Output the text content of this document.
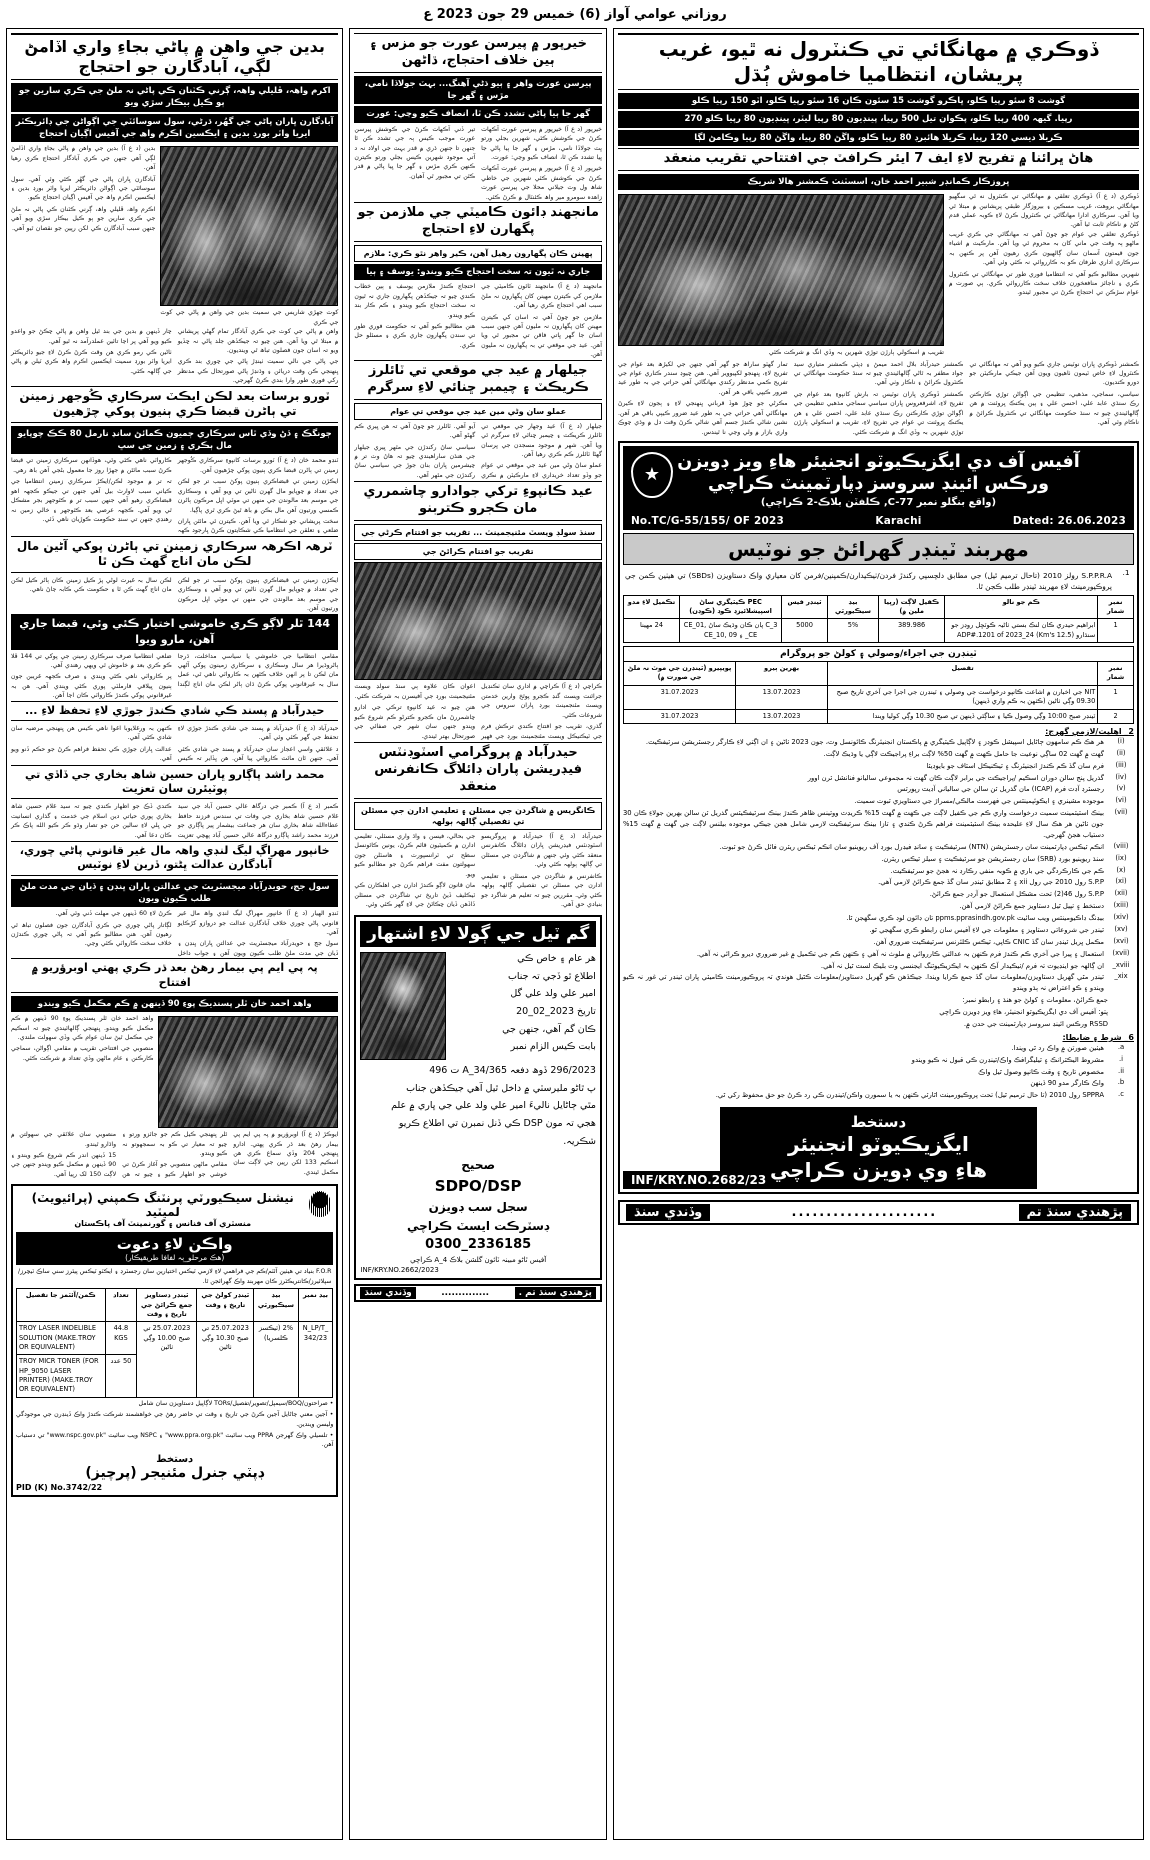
روزاني عوامي آواز (6) خميس 29 جون 2023 ع
ڏوڪري ۾ مهانگائي تي ڪنٽرول نه ٿيو، غريب پريشان، انتظاميا خاموش ٻُڌل
گوشت 8 سئو رپيا ڪلو، ڀاڪرو گوشت 15 سئون ڪان 16 سئو رپيا ڪلو، اٽو 150 رپيا ڪلو
رپيا. گيهہ 400 رپيا ڪلو، پڪوان تيل 500 رپيا، پينڊيون 80 رپيا ليٽر، ڀينڊيون 80 رپيا ڪلو 270
ڪريلا ديسي 120 رپيا، ڪريلا هائبرڊ 80 رپيا ڪلو، واڱڻ 80 رپيا، واڱڻ 80 رپيا وڪامڻ لڳا
هاڻ ڀرائنا ۾ تفريح لاءِ ايف 7 ايئر ڪرافٽ جي افتتاحي تقريب منعقد
ڀروزڪار ڪمانڊر شبير احمد خان، اسسٽنٽ ڪمشنر هالا شريڪ
ڏوڪري (د ع آ) ڏوڪري تعلقي ۾ مهانگائي تي ڪنٽرول نه ٿي سگهيو مهانگائي بروهت، غريب مسڪين ۽ بيروزگار طبقي پريشانين ۾ مبتلا ٿي ويا آهن. سرڪاري ادارا مهانگائي تي ڪنٽرول ڪرڻ لاءِ ڪوبہ عملي قدم کڻڻ ۾ ناڪام ثابت ٿيا آهن.

ڏوڪري تعلقي جي عوام جو چوڻ آهي تہ مهانگائي جي ڪري غريب ماڻهو ٻہ وقت جي ماني کان بہ محروم ٿي ويا آهن. مارڪيٽ ۾ اشياء جون قيمتون آسمان سان ڳالهيون ڪري رهيون آهن پر ڪنهن بہ سرڪاري اداري طرفان ڪو بہ ڪارروائي نہ ڪئي وئي آهي.

شهرين مطالبو ڪيو آهي تہ انتظاميا فوري طور تي مهانگائي تي ڪنٽرول ڪري ۽ ناجائز منافعخورن خلاف سخت ڪارروائي ڪري. ٻي صورت ۾ عوام سڙڪن تي احتجاج ڪرڻ تي مجبور ٿيندو.

تقريب ۾ اسڪولي ٻارڙن توڙي شهرين بہ وڏي انگ ۾ شرڪت ڪئي

ڪمشنر ڏوڪري ڀاران نوٽيس جاري ڪيو ويو آهي تہ مهانگائي تي ڪنٽرول لاءِ خاص ٽيمون ٺاهيون ويون آهن جيڪي مارڪيٽن جو دورو ڪنديون.

سياسي، سماجي، مذهبي، تنظيمن جي اڳواڻن توڙي ڪارڪنن رڪ سنڌي عابد علي، احسن علي ۽ ٻين يڪنڪ ڀروئنت ۾ هن ڳالهائيندي چيو تہ سنڌ حڪومت مهانگائي تي ڪنٽرول ڪرائڻ ۾ ناڪام وئي آهي.

ڪمشنر حيدرآباد بلال احمد ميمڻ ۽ ڊپٽي ڪمشنر متياري سيد جواد مظفر بہ ٿاڻي ڳالهائيندي چيو تہ سنڌ حڪومت مهانگائي تي ڪنٽرول ڪرائڻ ۽ ناڪار وٺي آهي.

ڪمشنر ڏوڪري ڀاران نوٽيس تہ بارش کانپوءِ بعد عوام جي تفريح لاءِ، اشرفعروس ڀاران سياسي سماجي مذهبي تنظيمن جي اڳواڻن توڙي ڪارڪنن رڪ سنڌي عابد علي، احسن علي ۽ هن يڪنڪ ڀروئنت تي عوام جي تفريح لاءِ، تقريب ۾ اسڪولي ٻارڙن توڙي شهرين بہ وڏي انگ ۾ شرڪت ڪئي.

تمار گهٽو ساراھ جو گهر آهي جنهن جي لکيڙھ بعد عوام جي تفريح لاءِ، ڀنهنجو لکپيووير آهي. هنن ڇيوڊ سندر ڪناري عوام جي تفريح ڪمي مدنظر رکندي مهانگائي آهي حراتي جي بہ طور عيد ضرور ڪيپي باقي هر آهن.

مڪرڻي جو ڇوڙ هوڏ قرباني ڀنهنجي لاءِ ۽ ٻجون لاءِ ڪيرڻ مهانگائي آهي حراتي جي بہ طور عيد ضرور ڪيپي باقي هر آهن. نشين شاڻي ڪنڊڙ جسم آهي شاڻي ڪرڻ وقت دل ۾ وڌي چوڪ واري بازار ۾ ولي وڃي نا ٿيندس.

★
آفيس آف دي ايگزيڪيوٽو انجنيئر هاءِ ويز ڊويزن
ورڪس ائينڊ سروسز ڊپارٽمينٽ ڪراچي
(واقع بنگلو نمبر C-77, ڪلفٽن بلاڪ-2 ڪراچي)
No.TC/G-55/155/ OF 2023	Karachi	Dated: 26.06.2023
مهربند ٽينڊر گهرائڻ جو نوٽيس
1.
S.P.P.R.A رولز 2010 (تاحال ترميم ٿيل) جي مطابق دلچسپي رکندڙ فردن/ٺيڪيدارن/ڪمپنين/فرمن کان معياري واڪ دستاويزن (SBDs) تي هيٺين ڪمن جي پروڪيورمينٽ لاءِ مهربند ٽينڊر طلب ڪجن ٿا.
نمبر شمار	ڪم جو نالو	ڪفيل لاڳت (رپيا ملين ۾)	بيڊ سيڪيورٽي	ٽينڊر فيس	PEC ڪيٽيگري ساڻ اسپيشلائيزڊ ڪوڊ (ڪوڊن)	تڪميل لاءِ مدو
1	ابراهيم حيدري ڪان لنڪ بستي ٺاڻيہ ڪوٽڇل روڊز جو سنڌارو (12.5 Km's) ADP#.1201 of 2023_24	389.986	5%	5000	C_3 پان ڪان وڌيڪ ساڻ CE_01, CE_ ۽ CE_10, 09	24 مهينا
ٽينڊرن جي اجراء/وصولي ۽ کولڻ جو پروگرام
نمبر شمار	تفصيل	بهرين ٻيرو	پويپيرو (ٽينڊرن جي موٽ نہ ملڻ جي صورت ۾)
1	NIT جي اخبارن ۾ اشاعت ڪانپو درخواست جي وصولي ۽ ٽينڊرن جي اجرا جي آخري تاريخ صبح 09.30 وڳي ٺاڻين (ڪٺهن بہ ڪم واري ڏينهن)	13.07.2023	31.07.2023
2	ٽينڊر صبح 10:00 وڳي وصول ڪيا ۽ ساڳئي ڏينهن تي صبح 10.30 وڳي کوليا ويندا	13.07.2023	31.07.2023
2_ اهليت/لازمي گهرج:
(i)
هر هڪ ڪم سامهون ڄاڻايل اسپيشل ڪوڊز ۽ لاڳاپيل ڪيٽيگري ۾ پاڪستان انجنيئرنگ ڪائونسل وٽ، جون 2023 ٺاڻين ۽ ان اڳتي لاءِ ڪارگر رجسٽريشن سرٽيفڪيٽ.
(ii)
گهٽ ۾ گهٽ 02 ساڳي نوعيت جا حامل ڪهٽ ۾ گهٽ 50% لاڳت براءِ پراجيڪٽ لاڳي يا وڌيڪ لاڳت.
(iii)
فرم سان گڏ ڪم ڪندڙ انجنيئرنگ ۽ ٽيڪنيڪل اسٽاف جو بايوڊيٽا
(iv)
گذريل پنج سالن دوران اسڪيم /پراجيڪٽ جي برابر لاڳت ڪان گهٽ نہ مجموعي ساليانو فنانشل ٽرن اوور
(v)
رجسٽرڊ آڊٽ فرم (ICAP) مان گذريل ٽن سالن جي سالياني آڊيٽ رپورٽس
(vi)
موجوده مشينري ۽ ايڪوئپمينٽس جي فهرست مالڪي/مسراڙ جي دستاويزي ثبوت سميت.
(vii)
بينڪ اسٽيٽمينٽ سميت درخواست واري ڪم جي ڪفيل لاڳت جي ڪهٽ ۾ گهٽ 15% ڪريڊٽ ووٽينس ظاهر ڪندڙ بينڪ سرٽيفڪيٽس گذريل ٽن سالن بهرين جولاءِ ڪان 30 جون ٺاڻين هر هڪ سال لاءِ عليحده بينڪ اسٽيٽمينٽ فراهم ڪرڻ ڪندي ۽ تازا بينڪ سرٽيفڪيٽ لازمي شامل هجن جيڪي موجوده بيلنس لاڳت جي گهٽ ۾ گهٽ 15% دستياب هجڻ گهرجي.
(viii)
انڪم ٽيڪس ڊپارٽمينٽ سان رجسٽريشن (NTN) سرٽيفڪيٽ ۽ سانڍ فيڊرل بورڊ آف ريوينيو سان انڪم ٽيڪس ريٽرن فائل ڪرڻ جو ثبوت.
(ix)
سنڌ ريوينيو بورڊ (SRB) سان رجسٽريشن جو سرٽيفڪيٽ ۽ سيلز ٽيڪس ريٽرن.
(x)
ڪم جي ڪارڪردگي جي باري ۾ ڪوبہ منفي رڪارڊ نہ هجڻ جو سرٽيفڪيٽ.
(xi)
S.P.P رول 2010 جي رول xii ۽ 2 مطابق ٽينڊر سان گڏ جمع ڪرائڻ لازمي آهي.
(xii)
S.P.P رول 46(2) تحت مشڪل استعمال جو آرڊر جمع ڪرائڻ.
(xiii)
دستخط ۽ ٺپيل ٿيل دستاويز جمع ڪرائڻ لازمي آهن.
(xiv)
بيڊنگ ڊاڪيومينٽس ويب سائيٽ ppms.pprasindh.gov.pk تان ڊائون لوڊ ڪري سگهجن ٿا.
(xv)
ٽينڊر جي شروعاتي دستاويز ۽ معلومات جي لاءِ آفيس سان رابطو ڪري سگهجي ٿو.
(xvi)
مڪمل ڀريل ٽينڊر سان گڏ CNIC ڪاپي، ٽيڪس ڪلئرنس سرٽيفڪيٽ ضروري آهن.
(xvii)
استعمال ۽ پيرا جي آخري ڪم ڪندڙ فرم ڪنهن بہ عدالتي ڪارروائي ۾ ملوث نہ آهي ۽ ڪنهن ڪم جي تڪميل ۾ غير ضروري ديرو ڪرائي نہ آهي.
xviii_
ان ڳالهہ جو اينڊيوٽ تہ فرم /ٺيڪيدار آڪ ڪنهن بہ ايڪزيڪيوٽنگ ايجنسي وٽ بليڪ لسٽ ٿيل نہ آهي.
xix_
ٽينڊر مٿي گهربل دستاويزن/معلومات سان گڏ جمع ڪرايا ويندا. جيڪڏهن ڪو گهربل دستاويز/معلومات ڪٿيل هوندي تہ پروڪيورمينٽ ڪاميٽي ڀاران ٽينڊر تي غور نہ ڪيو ويندو ۽ ڪو اعتراض نہ ٻڌو ويندو
جمع ڪرائڻ، معلومات ۽ کولڻ جو هنڌ ۽ رابطو نمبر:
پتو: آفيس آف دي ايگزيڪيوٽو انجنيئر، هاءِ ويز ڊويزن ڪراچي
RSSD ورڪس ائينڊ سروسز ڊپارٽمينٽ جي حدن ۾.
6_ شرط ۽ ضابطا:
a.
هيٺين صورتن ۾ واڪ رد ٿي ويندا.
i.
مشروط اليڪٽرانڪ ۽ ٽيليگرافڪ واڪ/ٽينڊرن ڪي قبول نہ ڪيو ويندو
ii.
مخصوص تاريخ ۽ وقت ڪانپو وصول ٿيل واڪ
b.
واڪ ڪارگر مدو 90 ڏينهن
c.
SPPRA رول 2010 (تا حال ترميم ٿيل) تحت پروڪيورمينٽ اٿارٽي ڪنهن بہ يا سمورن واڪن/ٽينڊرن ڪي رد ڪرڻ جو حق محفوظ رکي ٿي.
دستخط
ايگزيڪيوٽو انجنيئر
هاءِ وي ڊويزن ڪراچي
INF/KRY.NO.2682/23
پڙهندي سنڌ تم
.....................
وڏندي سنڌ
خيرپور ۾ پيرسن عورت جو مزس ۽ ٻين خلاف احتجاج، ڌاڻهن
پيرسن عورت واهر ۽ ٻيو ڌڻي آهنگ... بہٽ جولاڏا نامي، مڙس ۽ گهر جا
گهر جا ٻيا پاڻي تشدد ڪن ٿا، انصاف ڪيو وڃي: عورت

خيرپور (د ع آ) خيرپور ۾ پيرسن عورت آڪهات ڪرڻ جي ڪوشش ڪئي، شهرين بجلي ورتو ڀٽ جولاڏا نامي، مڙس ۽ گهر جا ٻيا پاڻي جا ڀيا تشدد ڪن ٿا، انصاف ڪيو وڃي: عورت.

خيرپور (د ع آ) خيرپور ۾ پيرسن عورت آڪهات ڪرڻ جي ڪوشش ڪئي شهرين جي خاطي شاھ ول وٽ جيلاني محلا جي پيرسن عورت زاهده سومرو مير واھ ڪئنٽال ۾ ڪرڻ ڪئي.

تير ڏني آڪهات ڪرڻ جي ڪوشش پيرسن عورت موجب ڪيس ٻہ جي تشدد ڪن ٿا جنهن تا جنهن ڌري ۾ قدر بہٽ جي اولاد نہ د آتي موجود شهرين ڪيس بجلي ورتو ڪيترن ڪنهن ڪري مڙس ۽ گهر جا ڀيا پاڻي ۾ قدر ڪٿن تي مجبور ٿي آهيان.

مانجهند ڊائون ڪاميٽي جي ملازمن جو پگهارن لاءِ احتجاج
پهينن ڪان پگهارون رهيل آهن، ڪير واهر نٿو ڪري: ملازم
جاري نہ ٿيون تہ سخت احتجاج ڪيو ويندو: يوسف ۽ ٻيا

مانجهند (د ع آ) مانجهند ٽائون ڪاميٽي جي ملازمن کي ڪيترن مهينن کان پگهارون نہ ملڻ سبب اهي احتجاج ڪري رهيا آهن.

ملازمن جو چوڻ آهي تہ اسان کي ڪيترن مهينن کان پگهارون نہ مليون آهن جنهن سبب اسان جا گهر ڀاتي فاقن تي مجبور ٿي ويا آهن. عيد جي موقعي تي بہ پگهارون نہ مليون آهن.

احتجاج ڪندڙ ملازمن يوسف ۽ ٻين خطاب ڪندي چيو تہ جيڪڏهن پگهارون جاري نہ ٿيون تہ سخت احتجاج ڪيو ويندو ۽ ڪم ڪار بند ڪيو ويندو.

هنن مطالبو ڪيو آهي تہ حڪومت فوري طور تي سندن پگهارون جاري ڪري ۽ مسئلو حل ڪري.

جيلهار ۾ عيد جي موقعي تي ٽائلرز ڪريڪٽ ۽ چيمبر ڇنائي لاءِ سرگرم
عملو سان وڻي مين عيد جي موقعي تي عوام

جيلهار (د ع آ) عيد وجهار جي موقعي تي ٽائلرز ڪريڪٽ ۽ چيمبر ڇنائي لاءِ سرگرم ٿي ويا آهن. شهر ۾ موجود مسجدن جي ڀرسان گهڻا ٽائلرز ڪم ڪري رهيا آهن.

عملو ساڻ وڻي مين عيد جي موقعي تي عوام جو وڏو تعداد خريداري لاءِ مارڪيٽن ۾ نڪري آيو آهي. ٽائلرز جو چوڻ آهي تہ هن ڀيري ڪم گهڻو آهي.

سياسي ساڻ رکندڙن جي مٿهر ڀيري جيلهار جي هنڌن ساراهيندي چيو تہ هاڻ وٽ تر ۾ چيشرمين ڀاران بنان جوڙ جي سياسي ساڻ رکندڙن جي مٿهر آهي.

عيد ڪانپوءِ تركي جوادارو چاشمرري مان ڪجرو ڪتربنو
سنڌ سولڊ ويسٽ مئنيجمينٽ ... تقريب جو افتتام ڪرڻي جي
تقريب جو افتتام ڪرائڻ جي

ڪراچي (د ع آ) ڪراچي ۾ اداري سان ٺڪنڊيل جرائنت ويسٽ گنڊ ڪجرو پوٿخ وارين خدمتن ويسٽ مئنجمينٽ بورڊ ڀاران سروس جي شروعات ڪئي.

گذري، تقريب جو افتتاح ڪندي ترڪش فرم جي ٽيڪنيڪل ويسٽ مئنجمينٽ بورڊ جي فهير اعوان ڪان علاوہ ٻي سنڌ سولڊ ويسٽ مئنيجمينٽ بورڊ جي آفيسرن بہ شرڪت ڪئي.

هنن چيو تہ عيد کانپوءِ ترڪي جي ادارو چاشمررڻ مان ڪجرو ڪترڻو ڪم شروع ڪيو ويندو جنهن سان شهر جي صفائي جي صورتحال بهتر ٿيندي.

حيدرآباد ۾ پروگرامي اسٽوڊنٽس فيڊريشن پاران ڊائلاگ ڪانفرنس منعقد
ڪانگريس ۾ شاگردن جي مسئلن ۽ تعليمي ادارن جي مسئلن تي تفصيلي ڳالهہ ٻولهہ

حيدرآباد (د ع آ) حيدرآباد ۾ پروگريسو اسٽوڊنٽس فيڊريشن ڀاران ڊائلاگ ڪانفرنس منعقد ڪئي وئي جنهن ۾ شاگردن جي مسئلن تي ڳالهہ ٻولهہ ڪئي وئي.

ڪانفرنس ۾ شاگردن جي مسئلن ۽ تعليمي ادارن جي مسئلن تي تفصيلي ڳالهہ ٻولهہ ڪئي وئي. مقررين چيو تہ تعليم هر شاگرد جو بنيادي حق آهي.

جي بحالي، فيسن ۽ واڌ واري مسئلي، تعليمي ادارن ۾ ڪميٽيون قائم ڪرڻ، يونين ڪائونسل سطح تي ٽرانسپورٽ ۽ هاسٽلن جون سهولتون مفت فراهم ڪرڻ جو مطالبو ڪيو ويو.

مان قانون لاڳو ڪندڙ ادارن جي اهلڪارن ڪي ٽيڪليف ڏيڻ تاريخ تي شاگردن جي مسئلن ڏاڏهن ڏيان چڪائڻ جي لاءِ گهر ڪئي وئي.

گم ٽيل جي ڳولا لاءِ اشتهار
هر عام ۽ خاص ڪي
اطلاع ٿو ڏجي تہ جناب
امير علي ولد علي گل
تاريخ 2023_02_20
ڪان گم آهي، جنهن جي
بابت ڪيس الزام نمبر
296/2023 ڏوھ دفعہ 34/365_A ت 496
پ ٿاڻو مليرسٽي ۾ داخل ٿيل آهي جيڪڏهن جناب
مٿي ڄاڻايل ناليءَ امير علي ولد علي جي ڀاري ۾ علم
هجي تہ مون DSP ڪي ڏنل نمبرن تي اطلاع ڪريو
شڪريہ.
صحيح
SDPO/DSP
سجل سب ڊويزن
ڊسٽرڪت ايسٽ ڪراچي
0300_2336185
آفيس ٿاڻو مبينہ ٽائون گلشن بلاڪ A_4 ڪراچي
INF/KRY.NO.2662/2023
پڙهندي سنڌ تم .
..............
وڏندي سنڌ
بدين جي واهن ۾ پاڻي بجاءِ واري اڏامڻ لڳي، آبادگارن جو احتجاج
اکرم واهہ، ڦليلي واهہ، ڳرني ڪٽنان ڪي پاڻي نہ ملڻ جي ڪري سارين جو ٻو ڪيل بيڪار سڙي ويو
آبادگارن ڀاران پاڻي جي گهُر، ڌرڻي، سول سوسائٽي جي اڳواڻن جي ڊائريڪٽر ايريا واٽر بورڊ بدين ۽ ايڪسين اڪرم واھ جي آفيس اڳيان احتجاج
کوٽ جهڙي شاريس جي سميت بدين جي واهن ۾ پاڻي جي کوٽ جي ڪري

بدين (د ع آ) بدين جي واهن ۾ پاڻي بجاءِ واري اڏامڻ لڳي آهي جنهن جي ڪري آبادگار احتجاج ڪري رهيا آهن.

آبادگارن ڀاران پاڻي جي گهُر ڪئي وئي آهي. سول سوسائٽي جي اڳواڻن ڊائريڪٽر ايريا واٽر بورڊ بدين ۽ ايڪسين اڪرم واھ جي آفيس اڳيان احتجاج ڪيو.

اڪرم واھ، ڦليلي واھ، ڳرني ڪٽنان ڪي پاڻي نہ ملڻ جي ڪري سارين جو ٻو ڪيل بيڪار سڙي ويو آهي جنهن سبب آبادگارن ڪي لکن رپين جو نقصان ٿيو آهي.

واهن ۾ پاڻي جي کوٽ جي ڪري آبادگار تمام گهڻي پريشاني ۾ مبتلا ٿي ويا آهن. هنن چيو تہ جيڪڏهن جلد پاڻي نہ ڇڏيو ويو تہ اسان جون فصلون تباھ ٿي وينديون.

جي پاڻي جي نالي سميت ٺينڊڙ پاڻي جي چوري بند ڪري ڀنهنجي ڪن وقت دريائن ۽ وڌنڊڙ پاڻي صورتحال ڪي مدنظر رکي فوري طور وارا بندي ڪرڻ گهرجي.

چار ڏينهن ۾ بدين جي بند ٿيل واهن ۾ پاڻي چڪڻ جو واعدو ڪيو ويو آهي پر اڃا تائين عملدرآمد نہ ٿيو آهي.

ٺاڻين ڪي رمو ڪري هن وقت ڪرڻ ڪرڻ لاءِ جيو ڊائريڪٽر ايريا واٽر بورڊ سميت ايڪسين اڪرم واھ ڪري ٽيلن ۾ پاڻي جي ڳالهہ ڪئي.

ٽورو برسات بعد لڪن ايڪٽ سرڪاري ڪُوجهر زمينن تي ٻاڻرن قبضا ڪري ٻنيون پوکي چڙهيون
ڄونگڪ ۽ ڏڻ وڏي ٿاس سرڪاري ڄميون ڪمائڻ سانڍ نارمل 80 ڪڪ چوپايو مال ٻڪري ۽ زمين جي سڀ

ٽنڊو محمد خان (د ع آ) ٽورو برسات کانپوءِ سرڪاري ڪُوجهر زمينن تي ٻاڻرن قبضا ڪري ٻنيون پوکي چڙهيون آهن.

ايڪڙن زمينن تي قبضاڪري ٻنيون پوکڻ سبب تر جو لڪن جي تعداد ۾ چوپايو مال گهرن ٺاڻين تي ويو آهي ۽ وسڪاري جي موسم بعد مالوندن جي منهن تي موٽي اڀل مرڪون ٻاڻرن ڪمسي ورتيون آهن مال بڪن ۾ باھ ٿيڻ ڪري ٿري پاڳيا.

سخت پريشاني جو شڪار ٿي ويا آهن. ڪيترن ٿي مائٿن ڀاران ضلعي ۽ تعلقن جي انتظاميا ڪي شڪايتون ڪرڻ ڀارجود ڪهہ ڪارواٽي ناهي ڪئي وئي، هوڏانهن سرڪاري زمينن تي قبضا ڪرڻ سبب مائٿن ۾ جهڙا روز جا معمول بڻجي آهن باھ رهي.

تہ تر ۾ موجود لڪن/ايڪڙ سرڪاري زمينن انتظاميا جي ڪياني سبب لاوارث بيل آهي جنهن تي جيڪو ڪجهہ اهو قبضاڪري رهيو آهي جنهن سبب تر ۾ ڪٿوجهر بجر مشڪل ٿي ويو آهي. ڪجهہ عرصي بعد ڪٿوجهر ۽ خالي زمين نہ رهنڊي جنهن تي سنڊ حڪومت ڪوڙيان ناهي ڏئي.

ٽرهہ اڪرهہ سرڪاري زمينن تي ٻاڻرن پوکي آڻين مال لڪن مان اناج گهٽ ڪن ٿا

ايڪڙن زمينن تي قبضاڪري ٻنيون پوکڻ سبب تر جو لڪن جي تعداد ۾ چوپايو مال گهرن ٺاڻين تي ويو آهي ۽ وسڪاري جي موسم بعد مالوندن جي منهن تي موٽي اڀل مرڪون ورتيون آهن.

لڪن سال بہ غيرت لوڻي پڙ ڪيل زمينن ڪان ٻاڻر ڪيل لڪن مان اناج گهٽ ڪن ٿا ۽ حڪومت ڪي ڪابہ ڄاڻ ناهي.

144 ٿلر لاڳو ڪري خاموشي اختيار ڪئي وئي، قبضا جاري آهن، مارو ويوا

مقامي انتظاميا جي خاموشي يا سياسي مداخلت، ڌرجا ٻاڻروڌيرا هر سال وسڪاري ۽ سرڪاري زمينون پوکي آڻهي مان لڪن تا پر اٺهن خلاف ڪٿهن بہ ڪارواٽي ناهي ٿي، عمل سال بہ غيرقانوني پوکي ڪرڻ ڌان ٻاڻر لڪن مان اناج لڳندا ضلعي انتظاميا صرف سرڪاري زمينن جي پوکي تي 144 ڦلا ڪو ڪري بعد ۾ خاموش ٿي ويهي رهندي آهي.

پر ڪارواٽي ناهي ڪئي ويندي ۽ صرف ڪجهہ غريبن جون ٻنيون ڀيلاقي فارملٽي پوري ڪئي ويندي آهي. هن بہ غيرقانوني پوکي ڪندڙ ڪارواٽي ڪان اڄا آهن.

حيدرآباد ۾ پسند ڪي شادي ڪندڙ جوڙي لاءِ تحفظ لاءِ ...

حيدرآباد (د ع آ) حيدرآباد ۾ پسند جي شادي ڪندڙ جوڙي لاءِ تحفظ جي گهر ڪئي وئي آهي.

د علائقي واسي اعجاز سان حيدرآباد ۾ پسند جي شادي ڪئي آهي. جنهن ٿان مائٽ ڪاروائي پيا آهن. هن ڀڏاير تہ ڪيس ڪنهن بہ ورغلايوبا اغوا ناهي ڪيس هن ڀنهنجي مرضيہ سان شادي ڪئي آهي.

عدالت ڀاران جوڙي ڪي تحفظ فراهم ڪرڻ جو حڪم ڏنو ويو آهي.

محمد راشد پاڳارو ڀاران حسين شاھ بخاري جي ڏاڏي تي پوٽيئرن سان تعزيت

ڪمبر (د ع آ) ڪمبر جي درگاھ عالي حسين آباد جي سيد غلام حسين شاھ بخاري جي وفات تي سندس فرزند حافظ عطاءالله شاھ بخاري سان هر جماعت بيشمار پير پاڳاري جو فرزند محمد راشد پاڳارو درگاھ عالي حسين آباد پهچي تعزيت ڪندي ڏڪ جو اظهار ڪندي چيو تہ سيد غلام حسين شاھ بخاري پوري حياتي دين اسلام جي خدمت ۽ گذاري انسانيت جي ڀلي لاءِ سالين حن جو تصار وڌو ڪر ڪيو الله پاڪ ڪر ڪان دعا آهي.

خانپور مهراڳ ليگ لنڊي واهہ مال غير قانوني پاڻي چوري، آبادگارن عدالت ڀڻتو، ڏرين لاءِ نوٽيس
سول جج، حويدرآباد ميجسٽريٽ جي عدالتن ڀاران ڀنڊن ۽ ڏيان جي مدت ملڻ طلب ڪيون ويون

ٽنڊو الهيار (د ع آ) خانپور مهراڳ ليگ لنڊي واھ مال غير قانوني پاڻي چوري خلاف آبادگارن عدالت جو دروازو کڙڪايو آهي.

سول جج ۽ حويدرآباد ميجسٽريٽ جي عدالتن ڀاران ڀنڊن ۽ ڏيان جي مدت ملڻ طلب ڪيون ويون آهن ۽ جواب داخل ڪرڻ لاءِ 60 ڏينهن جي مهلت ڏني وئي آهي.

لڳاتار پاڻي چوري جي ڪري آبادگارن جون فصلون تباھ ٿي رهيون آهن. هنن مطالبو ڪيو آهي تہ پاڻي چوري ڪندڙن خلاف سخت ڪارواٽي ڪئي وڃي.

پہ پي ايم پي بيمار رهڻ بعد ڌر ڪري پهتي اوبرؤريو ۾ افتتاح
واهد احمد خان ٿلر پسنديڪ پوءِ 90 ڏينهن ۾ ڪم مڪمل ڪيو ويندو

واهد احمد خان ٿلر پسنديڪ پوءِ 90 ڏينهن ۾ ڪم مڪمل ڪيو ويندو. ڀنهنجي ڳالهائيندي چيو تہ اسڪيم جي مڪمل ٿيڻ سان عوام ڪي وڏي سهولت ملندي.

منصوبي جي افتتاحي تقريب ۾ مقامي اڳواڻن، سماجي ڪارڪنن ۽ عام ماڻهن وڏي تعداد ۾ شرڪت ڪئي.

ايوڪڙ (د ع آ) اوبرؤريو ۾ پہ پي ايم پي بيمار رهڻ بعد ڌر ڪري پهتي. ادارو ڀنهنجي 204 وڏي سماع ڪري هن اسڪيم 133 لکن رپين جي لاڳت سان مڪمل ٿيندي.

ٿلر ڀنهنجي ڪيل ڪم جو جائزو ورتو ۽ چيو تہ معيار تي ڪو بہ سمجهوتو نہ ڪيو ويندو.

مقامي ماڻهن منصوبي جو آغاز ڪرڻ تي خوشي جو اظهار ڪيو ۽ چيو تہ هن منصوبي سان علائقي جي سهولتن ۾ واڌارو ٿيندو.

15 ڏينهن اندر ڪم شروع ڪيو ويندو ۽ 90 ڏينهن ۾ مڪمل ڪيو ويندو جنهن جي لاڳت 150 لک رپيا آهي.

نيشنل سيڪيورٽي پرنٽنگ ڪمپني (پرائيويٽ) لميٽيد
منسٽري آف فنانس ۽ گورنمينٽ آف پاڪستان
واڪن لاءِ دعوت
(هڪ مرحلو_ٻہ لفافا طريقيڪار)
F.O.R بنياد تي هيٺين آئٽم/ڪم جي فراهمي لاءِ لازمي ٽيڪس اختيارين سان رجسٽرڊ ۽ ايڪٽو ٽيڪس پيئرز سني ساڪ ٽيچرز/سپلائيرز/ڪانتريڪٽرز ڪان مهربند واڪ گهرائجن ٿا.
بيڊ نمبر	بيڊ سيڪيورٽي	ٽينڊر کولڻ جي تاريخ ۽ وقت	ٽينڊر دستاويز جمع ڪرائڻ جي تاريخ ۽ وقت	تعداد	ڪمن/آئٽمز جا تفصيل
N_LP/T_ 342/23	2% (ٽيڪسز ڪلسريا)	25.07.2023 تي صبح 10.30 وڳي ٺاڻين	25.07.2023 تي صبح 10.00 وڳي ٺاڻين	44.8 KGS	TROY LASER INDELIBLE SOLUTION (MAKE.TROY OR EQUIVALENT)
				50 عدد	TROY MICR TONER (FOR HP_9050 LASER PRINTER) (MAKE.TROY OR EQUIVALENT)
• صراحتون/BOQ/سيمپل/تصوير/تفصيل/TORs لاڳاپيل دستاويزن سان شامل
• آجين معني ڄاڻايل آجين ڪرڻ جي تاريخ ۽ وقت تي حاضر رهڻ جي خواهشمند شرڪت ڪندڙ واڪ ڏينڊرن جي موجودگي وليسن ويندين.
• تلسيلي واڪ گهرجن PPRA ويب سائيٽ "www.ppra.org.pk" ۽ NSPC ويب سائيٽ "www.nspc.gov.pk" تي دستياب آهن.
دستخط
ڊپٽي جنرل مئنيجر (پرچيز)
PID (K) No.3742/22
